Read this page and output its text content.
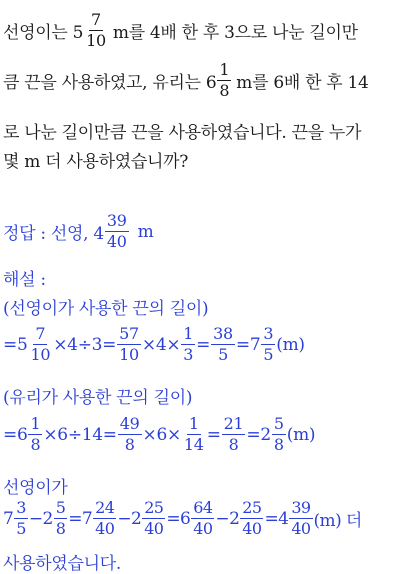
선영이는 $5 \frac{7}{10}$ m를 4배 한 후 3으로 나눈 길이만
큼 끈을 사용하였고, 유리는 $6 \frac{1}{8}$ m를 6배 한 후 14
로 나눈 길이만큼 끈을 사용하였습니다. 끈을 누가
몇 m 더 사용하였습니까?
정답 : 선영, $4 \frac{39}{40}$ m
해설 :
(선영이가 사용한 끈의 길이)
$=5 \frac{7}{10} \times 4\div 3= \frac{57}{10} \times 4\times \frac{1}{3} = \frac{38}{5} =7 \frac{3}{5} (m)$
(유리가 사용한 끈의 길이)
$=6 \frac{1}{8} \times 6\div 14= \frac{49}{8} \times 6\times \frac{1}{14} = \frac{21}{8} =2 \frac{5}{8} (m)$
선영이가
$7 \frac{3}{5} -2 \frac{5}{8} =7 \frac{24}{40} -2 \frac{25}{40} =6 \frac{64}{40} -2 \frac{25}{40} =4 \frac{39}{40} (m)$ 더
사용하였습니다.
